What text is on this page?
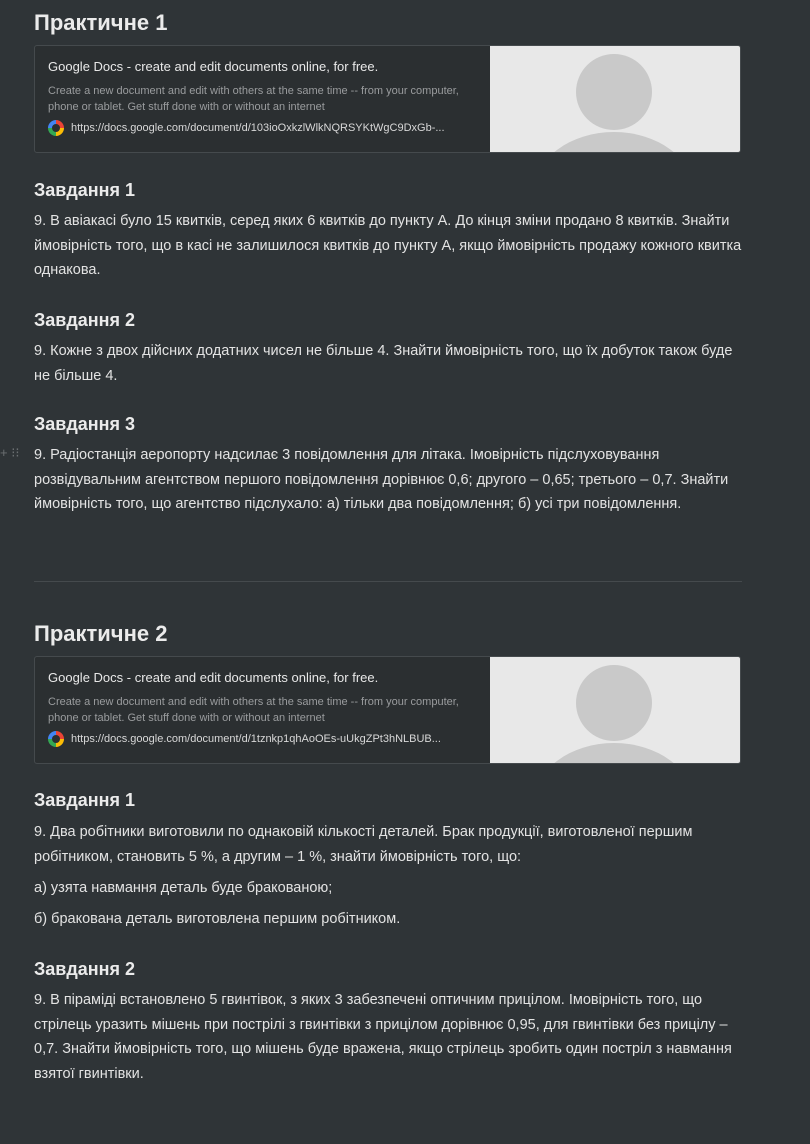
Практичне 1
Google Docs - create and edit documents online, for free.
Create a new document and edit with others at the same time -- from your computer, phone or tablet. Get stuff done with or without an internet
https://docs.google.com/document/d/103ioOxkzlWlkNQRSYKtWgC9DxGb-...
Завдання 1
9. В авіакасі було 15 квитків, серед яких 6 квитків до пункту А. До кінця зміни продано 8 квитків. Знайти ймовірність того, що в касі не залишилося квитків до пункту А, якщо ймовірність продажу кожного квитка однакова.
Завдання 2
9. Кожне з двох дійсних додатних чисел не більше 4. Знайти ймовірність того, що їх добуток також буде не більше 4.
Завдання 3
+ ⁝⁝ 9. Радіостанція аеропорту надсилає 3 повідомлення для літака. Імовірність підслуховування розвідувальним агентством першого повідомлення дорівнює 0,6; другого – 0,65; третього – 0,7. Знайти ймовірність того, що агентство підслухало: а) тільки два повідомлення; б) усі три повідомлення.
Практичне 2
Google Docs - create and edit documents online, for free.
Create a new document and edit with others at the same time -- from your computer, phone or tablet. Get stuff done with or without an internet
https://docs.google.com/document/d/1tznkp1qhAoOEs-uUkgZPt3hNLBUB...
Завдання 1
9. Два робітники виготовили по однаковій кількості деталей. Брак продукції, виготовленої першим робітником, становить 5 %, а другим – 1 %, знайти ймовірність того, що:
а) узята навмання деталь буде бракованою;
б) бракована деталь виготовлена першим робітником.
Завдання 2
9. В піраміді встановлено 5 гвинтівок, з яких 3 забезпечені оптичним прицілом. Імовірність того, що стрілець уразить мішень при пострілі з гвинтівки з прицілом дорівнює 0,95, для гвинтівки без прицілу – 0,7. Знайти ймовірність того, що мішень буде вражена, якщо стрілець зробить один постріл з навмання взятої гвинтівки.
